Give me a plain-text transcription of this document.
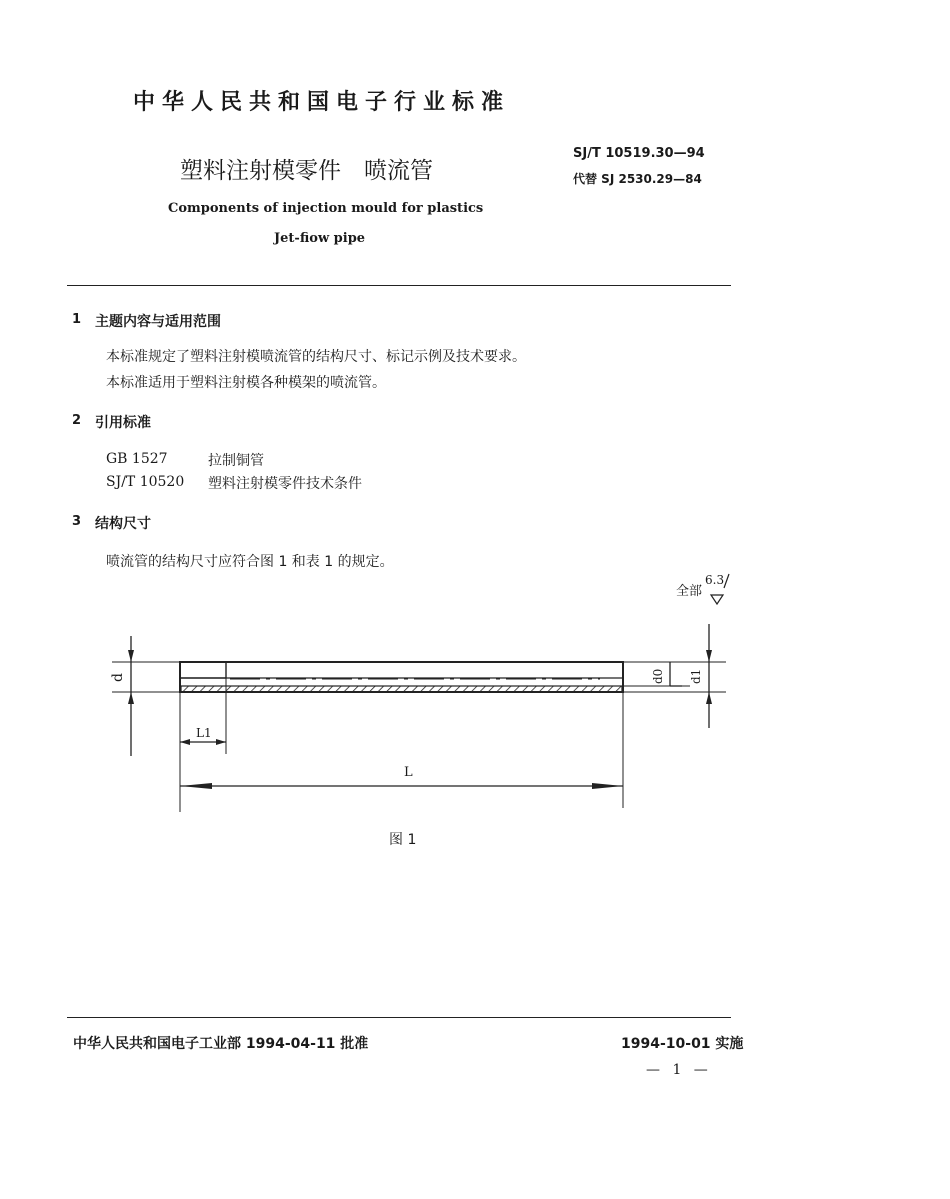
中华人民共和国电子行业标准
塑料注射模零件　喷流管
SJ/T 10519.30—94
代替 SJ 2530.29—84
Components of injection mould for plastics
Jet-fiow pipe
1 主题内容与适用范围
本标准规定了塑料注射模喷流管的结构尺寸、标记示例及技术要求。
本标准适用于塑料注射模各种模架的喷流管。
2 引用标准
GB 1527	拉制铜管
SJ/T 10520 塑料注射模零件技术条件
3 结构尺寸
喷流管的结构尺寸应符合图 1 和表 1 的规定。
全部
6.3
d	d0 d1
L1
L
图 1
中华人民共和国电子工业部 1994-04-11 批准	1994-10-01 实施
— 1 —
